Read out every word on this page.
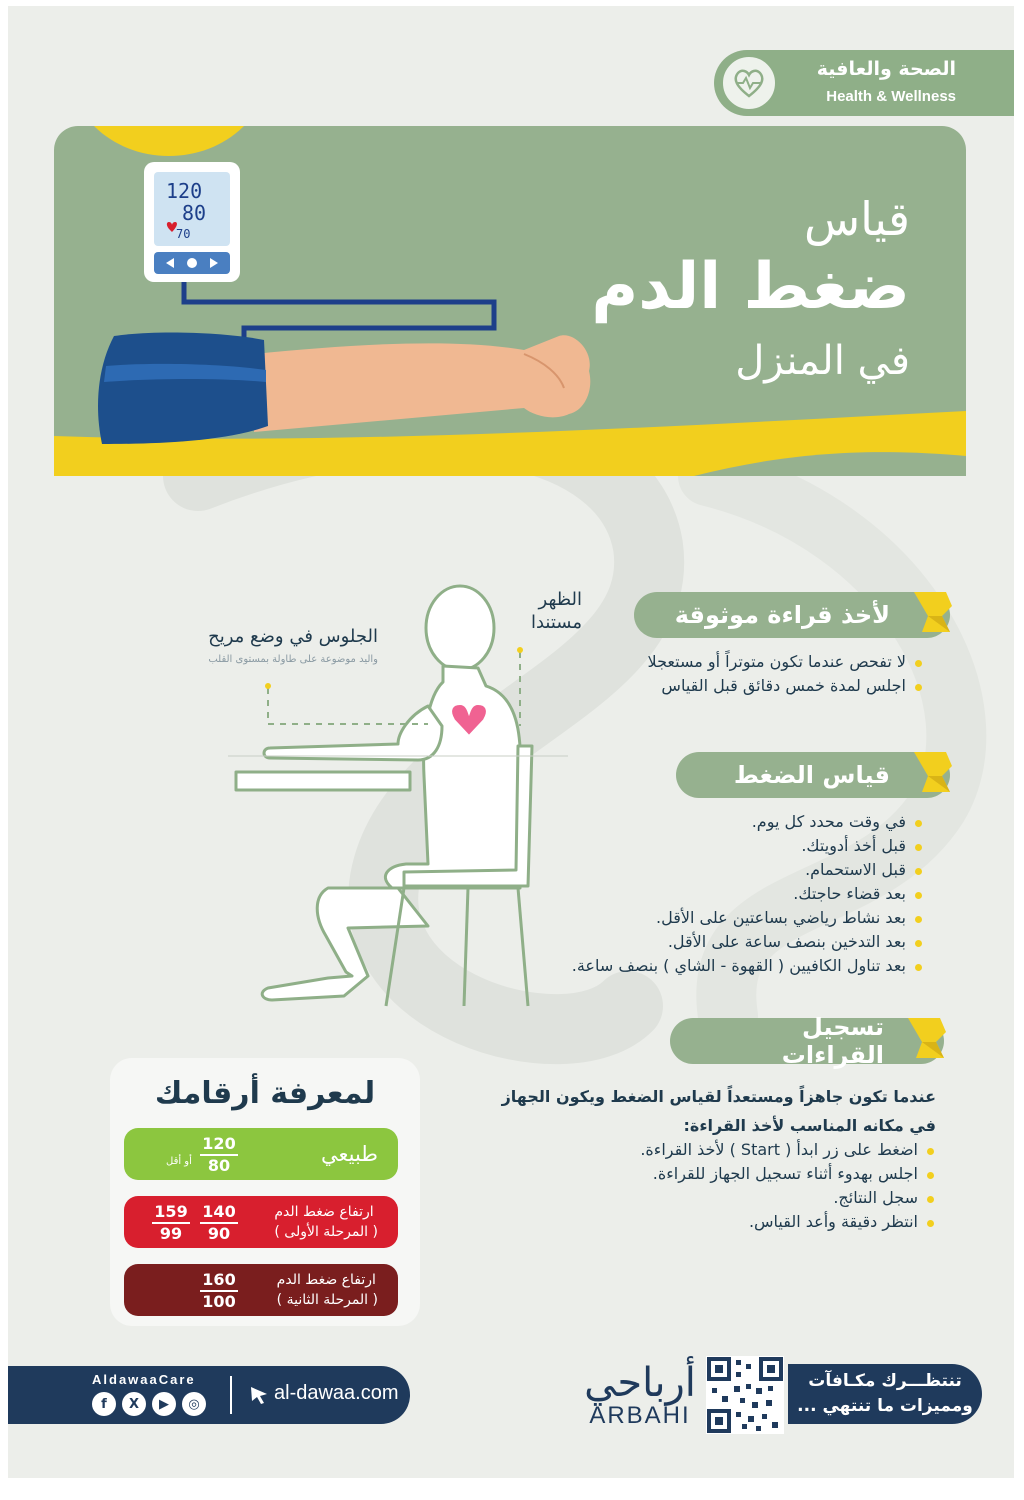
الصحة والعافية
Health & Wellness
120
80
70	قياس
ضغط الدم
في المنزل
الظهر مستندا
الجلوس في وضع مريح
واليد موضوعة على طاولة بمستوى القلب
لأخذ قراءة موثوقة
لا تفحص عندما تكون متوتراً أو مستعجلا
اجلس لمدة خمس دقائق قبل القياس
قياس الضغط
في وقت محدد كل يوم.
قبل أخذ أدويتك.
قبل الاستحمام.
بعد قضاء حاجتك.
بعد نشاط رياضي بساعتين على الأقل.
بعد التدخين بنصف ساعة على الأقل.
بعد تناول الكافيين ( القهوة - الشاي ) بنصف ساعة.
تسجيل القراءات
عندما تكون جاهزاً ومستعداً لقياس الضغط ويكون الجهاز في مكانه المناسب لأخذ القراءة:
اضغط على زر ابدأ ( Start ) لأخذ القراءة.
اجلس بهدوء أثناء تسجيل الجهاز للقراءة.
سجل النتائج.
انتظر دقيقة وأعد القياس.
لمعرفة أرقامك
طبيعي
$\frac{120}{80}$
أو أقل
ارتفاع ضغط الدم
( المرحلة الأولى )
$\frac{140}{90}$
$\frac{159}{99}$
ارتفاع ضغط الدم
( المرحلة الثانية )
$\frac{160}{100}$
AldawaaCare
f	X	▶	◎	al-dawaa.com	أرباحي
ARBAHI
تنتظـــرك مكـافآت
ومميزات ما تنتهي ...
